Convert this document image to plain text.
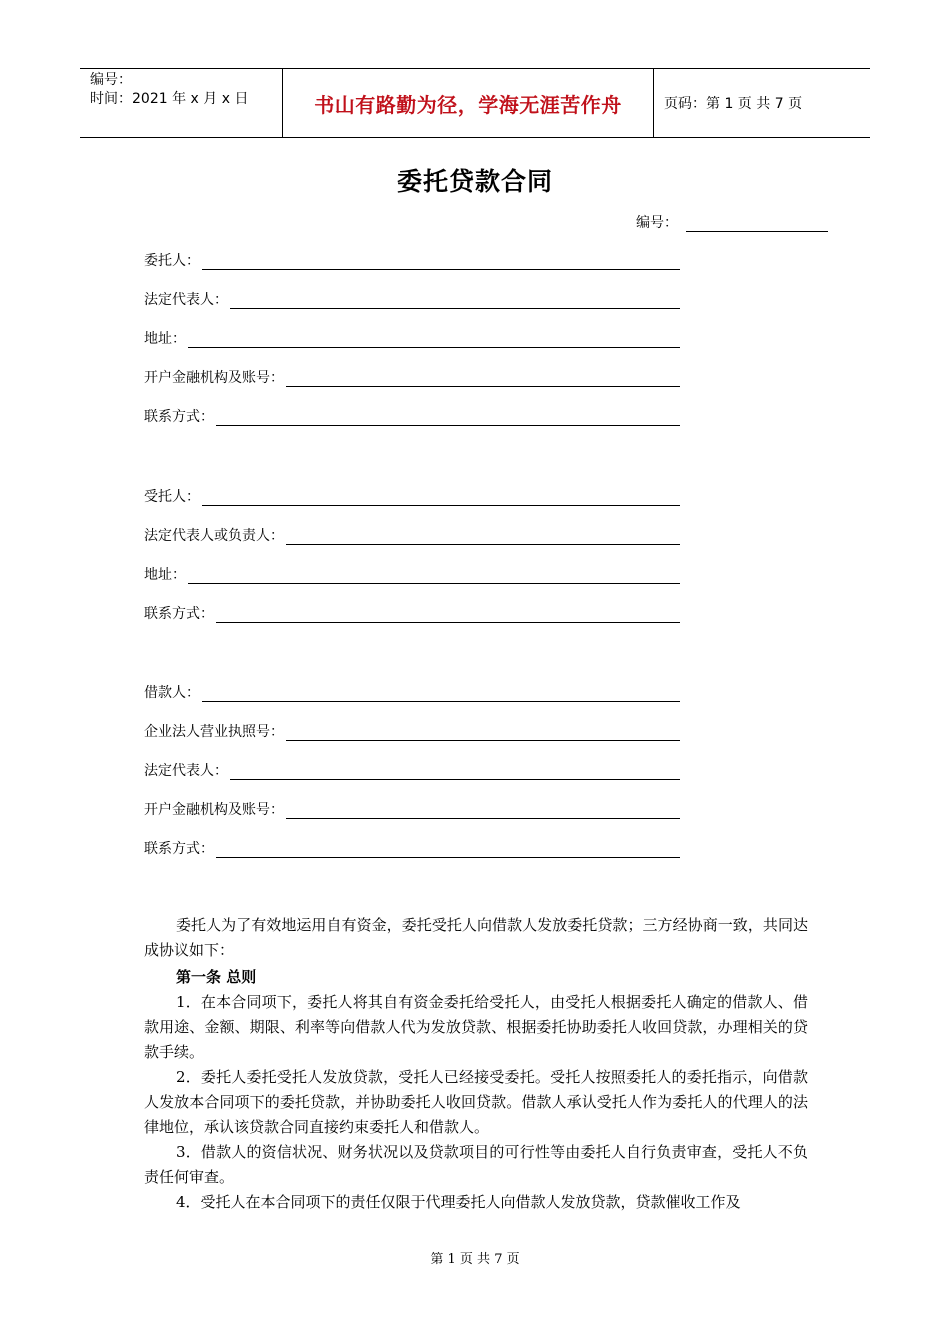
编号：
时间：2021 年 x 月 x 日	书山有路勤为径，学海无涯苦作舟	页码：第 1 页 共 7 页
委托贷款合同
编号：
委托人：
法定代表人：
地址：
开户金融机构及账号：
联系方式：
受托人：
法定代表人或负责人：
地址：
联系方式：
借款人：
企业法人营业执照号：
法定代表人：
开户金融机构及账号：
联系方式：

委托人为了有效地运用自有资金，委托受托人向借款人发放委托贷款；三方经协商一致，共同达成协议如下：

第一条 总则

1．在本合同项下，委托人将其自有资金委托给受托人，由受托人根据委托人确定的借款人、借款用途、金额、期限、利率等向借款人代为发放贷款、根据委托协助委托人收回贷款，办理相关的贷款手续。

2．委托人委托受托人发放贷款，受托人已经接受委托。受托人按照委托人的委托指示，向借款人发放本合同项下的委托贷款，并协助委托人收回贷款。借款人承认受托人作为委托人的代理人的法律地位，承认该贷款合同直接约束委托人和借款人。

3．借款人的资信状况、财务状况以及贷款项目的可行性等由委托人自行负责审查，受托人不负责任何审查。

4．受托人在本合同项下的责任仅限于代理委托人向借款人发放贷款，贷款催收工作及

第 1 页 共 7 页
